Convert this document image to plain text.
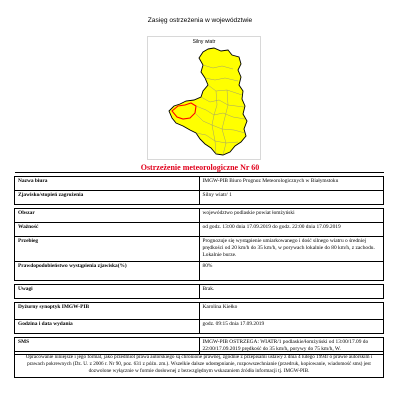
Zasięg ostrzeżenia w województwie
Silny wiatr
Ostrzeżenie meteorologiczne Nr 60

Nazwa biura	IMGW-PIB Biuro Prognoz Meteorologicznych w Białymstoku
Zjawisko/stopień zagrożenia	Silny wiatr/ 1

Obszar	województwo podlaskie powiat łomżyński
Ważność	od godz. 13:00 dnia 17.09.2019 do godz. 22:00 dnia 17.09.2019
Przebieg	Prognozuje się wystąpienie umiarkowanego i dość silnego wiatru o średniej prędkości od 20 km/h do 35 km/h, w porywach lokalnie do 80 km/h, z zachodu. Lokalnie burze.
Prawdopodobieństwo wystąpienia zjawiska(%)	80%

Uwagi	Brak.

Dyżurny synoptyk IMGW-PIB	Karolina Kiełko
Godzina i data wydania	godz. 09:15 dnia 17.09.2019

SMS	IMGW-PIB OSTRZEGA: WIATR/1 podlaskie/łomżyński od 13:00/17.09 do 22:00/17.09.2019 prędkość do 35 km/h, porywy do 75 km/h, W.
Opracowanie niniejsze i jego format, jako przedmiot prawa autorskiego są chronione prawnej, zgodnie z przepisami ustawy z dnia 4 lutego 1994r o prawie autorskim i prawach pokrewnych (Dz. U. z 2006 r. Nr 90, poz. 631 z późn. zm.). Wszelkie dalsze udostępnianie, rozpowszechnianie (przedruk, kopiowanie, wiadomość sms) jest dozwolone wyłącznie w formie dosłownej z bezwzględnym wskazaniem źródła informacji tj. IMGW-PIB.
